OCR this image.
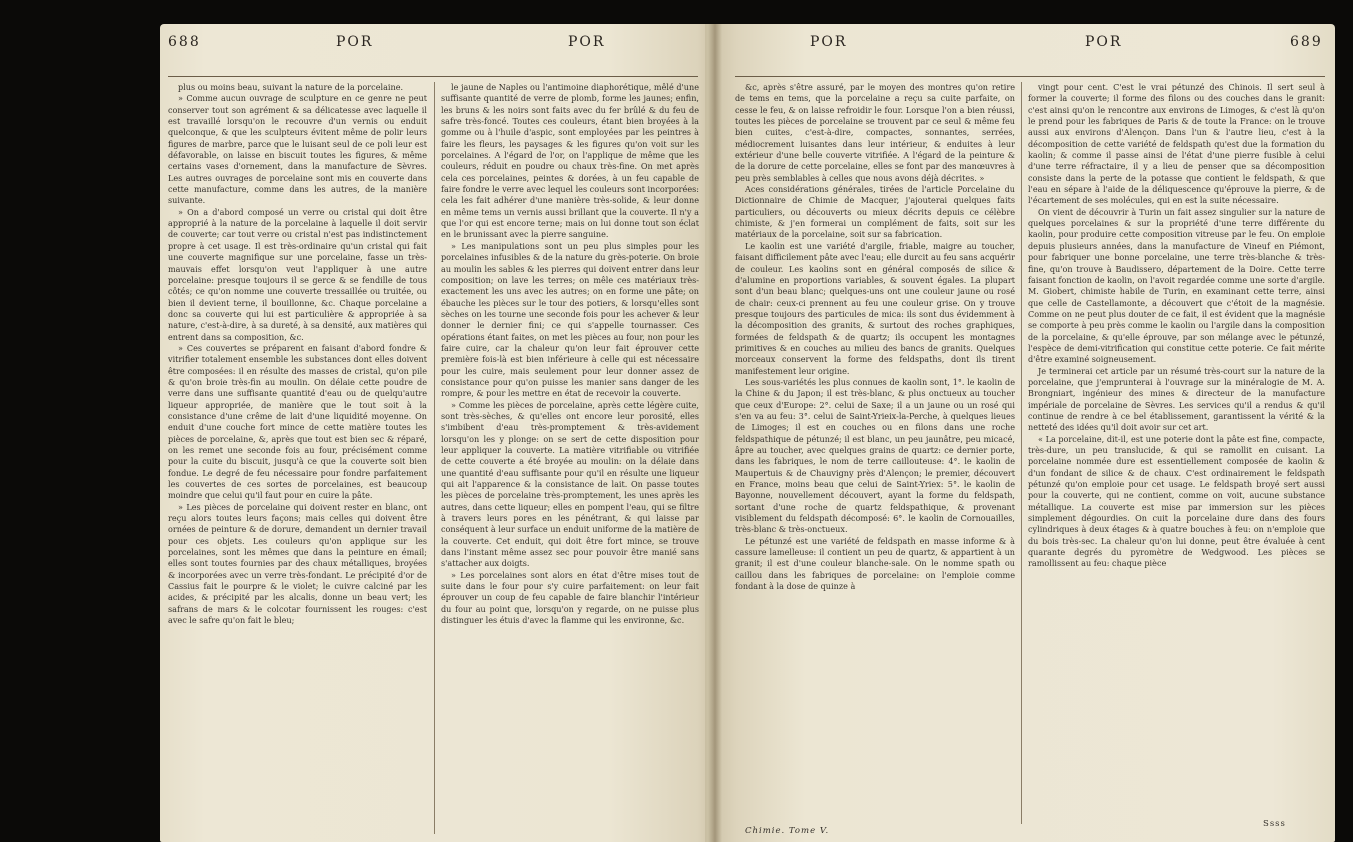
688	POR	POR

plus ou moins beau, suivant la nature de la porcelaine.

» Comme aucun ouvrage de sculpture en ce genre ne peut conserver tout son agrément & sa délicatesse avec laquelle il est travaillé lorsqu'on le recouvre d'un vernis ou enduit quelconque, & que les sculpteurs évitent même de polir leurs figures de marbre, parce que le luisant seul de ce poli leur est défavorable, on laisse en biscuit toutes les figures, & même certains vases d'ornement, dans la manufacture de Sèvres. Les autres ouvrages de porcelaine sont mis en couverte dans cette manufacture, comme dans les autres, de la manière suivante.

» On a d'abord composé un verre ou cristal qui doit être approprié à la nature de la porcelaine à laquelle il doit servir de couverte; car tout verre ou cristal n'est pas indistinctement propre à cet usage. Il est très-ordinaire qu'un cristal qui fait une couverte magnifique sur une porcelaine, fasse un très-mauvais effet lorsqu'on veut l'appliquer à une autre porcelaine: presque toujours il se gerce & se fendille de tous côtés; ce qu'on nomme une couverte tressaillée ou truitée, ou bien il devient terne, il bouillonne, &c. Chaque porcelaine a donc sa couverte qui lui est particulière & appropriée à sa nature, c'est-à-dire, à sa dureté, à sa densité, aux matières qui entrent dans sa composition, &c.

» Ces couvertes se préparent en faisant d'abord fondre & vitrifier totalement ensemble les substances dont elles doivent être composées: il en résulte des masses de cristal, qu'on pile & qu'on broie très-fin au moulin. On délaie cette poudre de verre dans une suffisante quantité d'eau ou de quelqu'autre liqueur appropriée, de manière que le tout soit à la consistance d'une crême de lait d'une liquidité moyenne. On enduit d'une couche fort mince de cette matière toutes les pièces de porcelaine, &, après que tout est bien sec & réparé, on les remet une seconde fois au four, précisément comme pour la cuite du biscuit, jusqu'à ce que la couverte soit bien fondue. Le degré de feu nécessaire pour fondre parfaitement les couvertes de ces sortes de porcelaines, est beaucoup moindre que celui qu'il faut pour en cuire la pâte.

» Les pièces de porcelaine qui doivent rester en blanc, ont reçu alors toutes leurs façons; mais celles qui doivent être ornées de peinture & de dorure, demandent un dernier travail pour ces objets. Les couleurs qu'on applique sur les porcelaines, sont les mêmes que dans la peinture en émail; elles sont toutes fournies par des chaux métalliques, broyées & incorporées avec un verre très-fondant. Le précipité d'or de Cassius fait le pourpre & le violet; le cuivre calciné par les acides, & précipité par les alcalis, donne un beau vert; les safrans de mars & le colcotar fournissent les rouges: c'est avec le safre qu'on fait le bleu;

le jaune de Naples ou l'antimoine diaphorétique, mêlé d'une suffisante quantité de verre de plomb, forme les jaunes; enfin, les bruns & les noirs sont faits avec du fer brûlé & du feu de safre très-foncé. Toutes ces couleurs, étant bien broyées à la gomme ou à l'huile d'aspic, sont employées par les peintres à faire les fleurs, les paysages & les figures qu'on voit sur les porcelaines. A l'égard de l'or, on l'applique de même que les couleurs, réduit en poudre ou chaux très-fine. On met après cela ces porcelaines, peintes & dorées, à un feu capable de faire fondre le verre avec lequel les couleurs sont incorporées: cela les fait adhérer d'une manière très-solide, & leur donne en même tems un vernis aussi brillant que la couverte. Il n'y a que l'or qui est encore terne; mais on lui donne tout son éclat en le brunissant avec la pierre sanguine.

» Les manipulations sont un peu plus simples pour les porcelaines infusibles & de la nature du grès-poterie. On broie au moulin les sables & les pierres qui doivent entrer dans leur composition; on lave les terres; on mêle ces matériaux très-exactement les uns avec les autres; on en forme une pâte; on ébauche les pièces sur le tour des potiers, & lorsqu'elles sont sèches on les tourne une seconde fois pour les achever & leur donner le dernier fini; ce qui s'appelle tournasser. Ces opérations étant faites, on met les pièces au four, non pour les faire cuire, car la chaleur qu'on leur fait éprouver cette première fois-là est bien inférieure à celle qui est nécessaire pour les cuire, mais seulement pour leur donner assez de consistance pour qu'on puisse les manier sans danger de les rompre, & pour les mettre en état de recevoir la couverte.

» Comme les pièces de porcelaine, après cette légère cuite, sont très-sèches, & qu'elles ont encore leur porosité, elles s'imbibent d'eau très-promptement & très-avidement lorsqu'on les y plonge: on se sert de cette disposition pour leur appliquer la couverte. La matière vitrifiable ou vitrifiée de cette couverte a été broyée au moulin: on la délaie dans une quantité d'eau suffisante pour qu'il en résulte une liqueur qui ait l'apparence & la consistance de lait. On passe toutes les pièces de porcelaine très-promptement, les unes après les autres, dans cette liqueur; elles en pompent l'eau, qui se filtre à travers leurs pores en les pénétrant, & qui laisse par conséquent à leur surface un enduit uniforme de la matière de la couverte. Cet enduit, qui doit être fort mince, se trouve dans l'instant même assez sec pour pouvoir être manié sans s'attacher aux doigts.

» Les porcelaines sont alors en état d'être mises tout de suite dans le four pour s'y cuire parfaitement: on leur fait éprouver un coup de feu capable de faire blanchir l'intérieur du four au point que, lorsqu'on y regarde, on ne puisse plus distinguer les étuis d'avec la flamme qui les environne, &c.

POR	POR	689

&c, après s'être assuré, par le moyen des montres qu'on retire de tems en tems, que la porcelaine a reçu sa cuite parfaite, on cesse le feu, & on laisse refroidir le four. Lorsque l'on a bien réussi, toutes les pièces de porcelaine se trouvent par ce seul & même feu bien cuites, c'est-à-dire, compactes, sonnantes, serrées, médiocrement luisantes dans leur intérieur, & enduites à leur extérieur d'une belle couverte vitrifiée. A l'égard de la peinture & de la dorure de cette porcelaine, elles se font par des manœuvres à peu près semblables à celles que nous avons déjà décrites. »

Aces considérations générales, tirées de l'article Porcelaine du Dictionnaire de Chimie de Macquer, j'ajouterai quelques faits particuliers, ou découverts ou mieux décrits depuis ce célèbre chimiste, & j'en formerai un complément de faits, soit sur les matériaux de la porcelaine, soit sur sa fabrication.

Le kaolin est une variété d'argile, friable, maigre au toucher, faisant difficilement pâte avec l'eau; elle durcit au feu sans acquérir de couleur. Les kaolins sont en général composés de silice & d'alumine en proportions variables, & souvent égales. La plupart sont d'un beau blanc; quelques-uns ont une couleur jaune ou rosé de chair: ceux-ci prennent au feu une couleur grise. On y trouve presque toujours des particules de mica: ils sont dus évidemment à la décomposition des granits, & surtout des roches graphiques, formées de feldspath & de quartz; ils occupent les montagnes primitives & en couches au milieu des bancs de granits. Quelques morceaux conservent la forme des feldspaths, dont ils tirent manifestement leur origine.

Les sous-variétés les plus connues de kaolin sont, 1°. le kaolin de la Chine & du Japon; il est très-blanc, & plus onctueux au toucher que ceux d'Europe: 2°. celui de Saxe; il a un jaune ou un rosé qui s'en va au feu: 3°. celui de Saint-Yrieix-la-Perche, à quelques lieues de Limoges; il est en couches ou en filons dans une roche feldspathique de pétunzé; il est blanc, un peu jaunâtre, peu micacé, âpre au toucher, avec quelques grains de quartz: ce dernier porte, dans les fabriques, le nom de terre caillouteuse: 4°. le kaolin de Maupertuis & de Chauvigny près d'Alençon; le premier, découvert en France, moins beau que celui de Saint-Yriex: 5°. le kaolin de Bayonne, nouvellement découvert, ayant la forme du feldspath, sortant d'une roche de quartz feldspathique, & provenant visiblement du feldspath décomposé: 6°. le kaolin de Cornouailles, très-blanc & très-onctueux.

Le pétunzé est une variété de feldspath en masse informe & à cassure lamelleuse: il contient un peu de quartz, & appartient à un granit; il est d'une couleur blanche-sale. On le nomme spath ou caillou dans les fabriques de porcelaine: on l'emploie comme fondant à la dose de quinze à

vingt pour cent. C'est le vrai pétunzé des Chinois. Il sert seul à former la couverte; il forme des filons ou des couches dans le granit: c'est ainsi qu'on le rencontre aux environs de Limoges, & c'est là qu'on le prend pour les fabriques de Paris & de toute la France: on le trouve aussi aux environs d'Alençon. Dans l'un & l'autre lieu, c'est à la décomposition de cette variété de feldspath qu'est due la formation du kaolin; & comme il passe ainsi de l'état d'une pierre fusible à celui d'une terre réfractaire, il y a lieu de penser que sa décomposition consiste dans la perte de la potasse que contient le feldspath, & que l'eau en sépare à l'aide de la déliquescence qu'éprouve la pierre, & de l'écartement de ses molécules, qui en est la suite nécessaire.

On vient de découvrir à Turin un fait assez singulier sur la nature de quelques porcelaines & sur la propriété d'une terre différente du kaolin, pour produire cette composition vitreuse par le feu. On emploie depuis plusieurs années, dans la manufacture de Vineuf en Piémont, pour fabriquer une bonne porcelaine, une terre très-blanche & très-fine, qu'on trouve à Baudissero, département de la Doire. Cette terre faisant fonction de kaolin, on l'avoit regardée comme une sorte d'argile. M. Giobert, chimiste habile de Turin, en examinant cette terre, ainsi que celle de Castellamonte, a découvert que c'étoit de la magnésie. Comme on ne peut plus douter de ce fait, il est évident que la magnésie se comporte à peu près comme le kaolin ou l'argile dans la composition de la porcelaine, & qu'elle éprouve, par son mélange avec le pétunzé, l'espèce de demi-vitrification qui constitue cette poterie. Ce fait mérite d'être examiné soigneusement.

Je terminerai cet article par un résumé très-court sur la nature de la porcelaine, que j'emprunterai à l'ouvrage sur la minéralogie de M. A. Brongniart, ingénieur des mines & directeur de la manufacture impériale de porcelaine de Sèvres. Les services qu'il a rendus & qu'il continue de rendre à ce bel établissement, garantissent la vérité & la netteté des idées qu'il doit avoir sur cet art.

« La porcelaine, dit-il, est une poterie dont la pâte est fine, compacte, très-dure, un peu translucide, & qui se ramollit en cuisant. La porcelaine nommée dure est essentiellement composée de kaolin & d'un fondant de silice & de chaux. C'est ordinairement le feldspath pétunzé qu'on emploie pour cet usage. Le feldspath broyé sert aussi pour la couverte, qui ne contient, comme on voit, aucune substance métallique. La couverte est mise par immersion sur les pièces simplement dégourdies. On cuit la porcelaine dure dans des fours cylindriques à deux étages & à quatre bouches à feu: on n'emploie que du bois très-sec. La chaleur qu'on lui donne, peut être évaluée à cent quarante degrés du pyromètre de Wedgwood. Les pièces se ramollissent au feu: chaque pièce

Chimie. Tome V.
Ssss
